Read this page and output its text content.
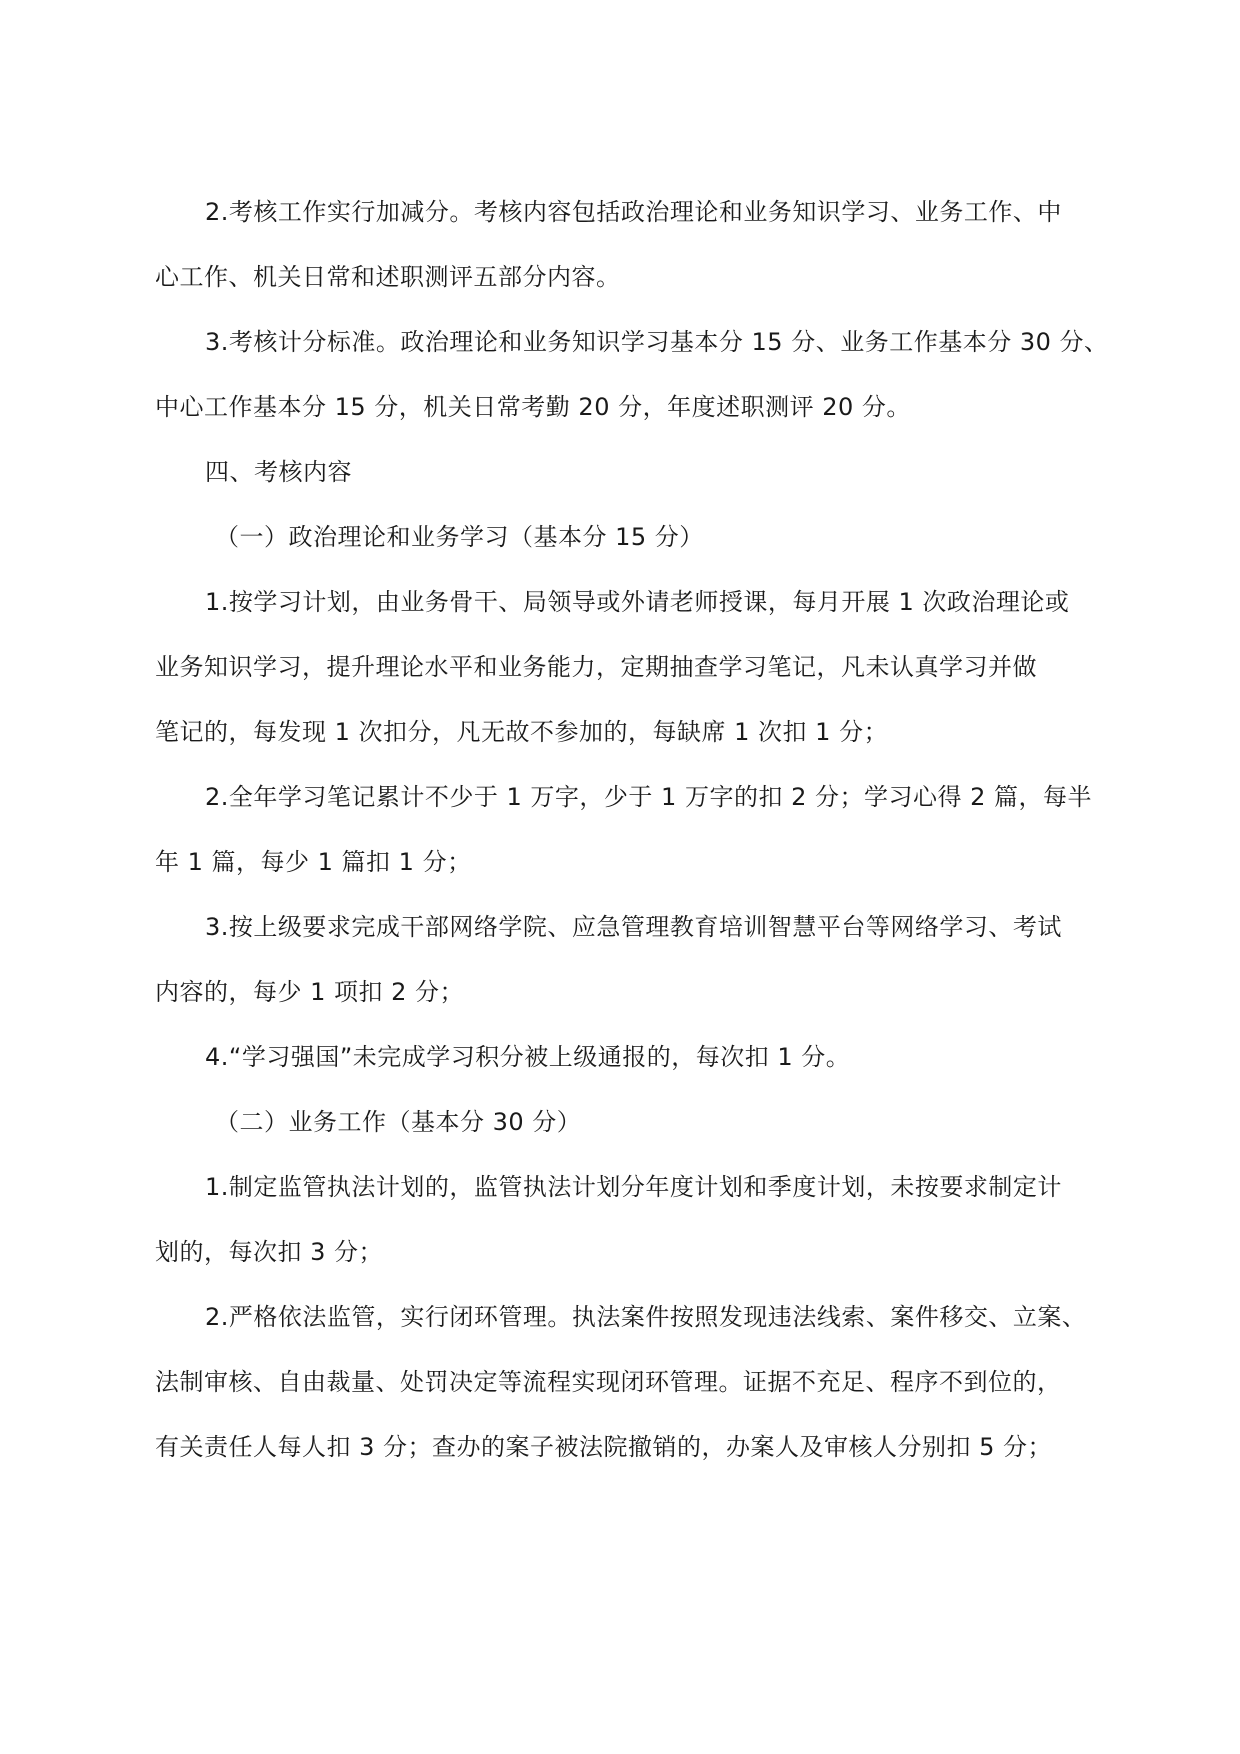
2.考核工作实行加减分。考核内容包括政治理论和业务知识学习、业务工作、中
心工作、机关日常和述职测评五部分内容。
3.考核计分标准。政治理论和业务知识学习基本分 15 分、业务工作基本分 30 分、
中心工作基本分 15 分，机关日常考勤 20 分，年度述职测评 20 分。
四、考核内容
（一）政治理论和业务学习（基本分 15 分）
1.按学习计划，由业务骨干、局领导或外请老师授课，每月开展 1 次政治理论或
业务知识学习，提升理论水平和业务能力，定期抽查学习笔记，凡未认真学习并做
笔记的，每发现 1 次扣分，凡无故不参加的，每缺席 1 次扣 1 分；
2.全年学习笔记累计不少于 1 万字，少于 1 万字的扣 2 分；学习心得 2 篇，每半
年 1 篇，每少 1 篇扣 1 分；
3.按上级要求完成干部网络学院、应急管理教育培训智慧平台等网络学习、考试
内容的，每少 1 项扣 2 分；
4.“学习强国”未完成学习积分被上级通报的，每次扣 1 分。
（二）业务工作（基本分 30 分）
1.制定监管执法计划的，监管执法计划分年度计划和季度计划，未按要求制定计
划的，每次扣 3 分；
2.严格依法监管，实行闭环管理。执法案件按照发现违法线索、案件移交、立案、
法制审核、自由裁量、处罚决定等流程实现闭环管理。证据不充足、程序不到位的，
有关责任人每人扣 3 分；查办的案子被法院撤销的，办案人及审核人分别扣 5 分；
